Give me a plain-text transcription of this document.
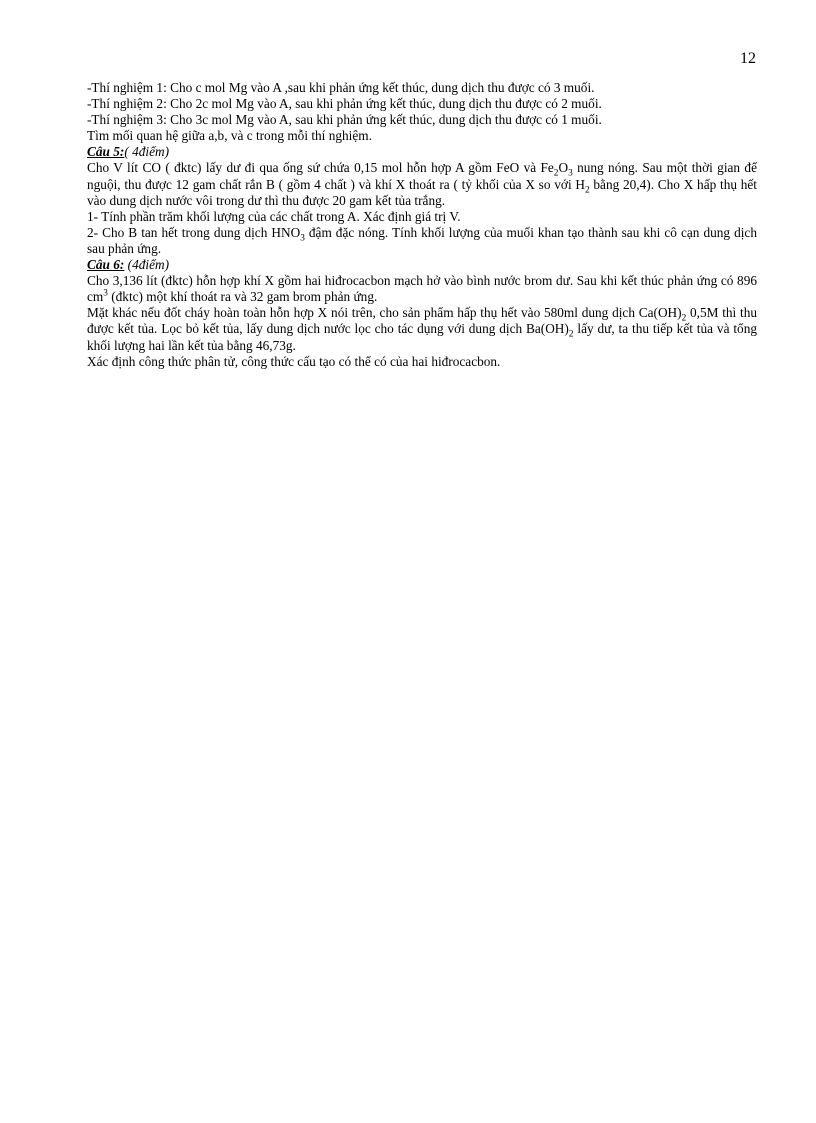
12

-Thí nghiệm 1: Cho c mol Mg vào A ,sau khi phản ứng kết thúc, dung dịch thu được có 3 muối.

-Thí nghiệm 2: Cho 2c mol Mg vào A, sau khi phản ứng kết thúc, dung dịch thu được có 2 muối.

-Thí nghiệm 3: Cho 3c mol Mg vào A, sau khi phản ứng kết thúc, dung dịch thu được có 1 muối.

Tìm mối quan hệ giữa a,b, và c trong mỗi thí nghiệm.

Câu 5:( 4điểm)

Cho V lít CO ( đktc) lấy dư đi qua ống sứ chứa 0,15 mol hỗn hợp A gồm FeO và $Fe_2O_3$ nung nóng. Sau một thời gian để nguội, thu được 12 gam chất rắn B ( gồm 4 chất ) và khí X thoát ra ( tỷ khối của X so với $H_2$ bằng 20,4). Cho X hấp thụ hết vào dung dịch nước vôi trong dư thì thu được 20 gam kết tủa trắng.

1- Tính phần trăm khối lượng của các chất trong A. Xác định giá trị V.

2- Cho B tan hết trong dung dịch $HNO_3$ đậm đặc nóng. Tính khối lượng của muối khan tạo thành sau khi cô cạn dung dịch sau phản ứng.

Câu 6: (4điểm)

Cho 3,136 lít (đktc) hỗn hợp khí X gồm hai hiđrocacbon mạch hở vào bình nước brom dư. Sau khi kết thúc phản ứng có 896 $cm^3$ (đktc) một khí thoát ra và 32 gam brom phản ứng.

Mặt khác nếu đốt cháy hoàn toàn hỗn hợp X nói trên, cho sản phẩm hấp thụ hết vào 580ml dung dịch $Ca(OH)_2$ 0,5M thì thu được kết tủa. Lọc bỏ kết tủa, lấy dung dịch nước lọc cho tác dụng với dung dịch $Ba(OH)_2$ lấy dư, ta thu tiếp kết tủa và tổng khối lượng hai lần kết tủa bằng 46,73g.

Xác định công thức phân tử, công thức cấu tạo có thể có của hai hiđrocacbon.
